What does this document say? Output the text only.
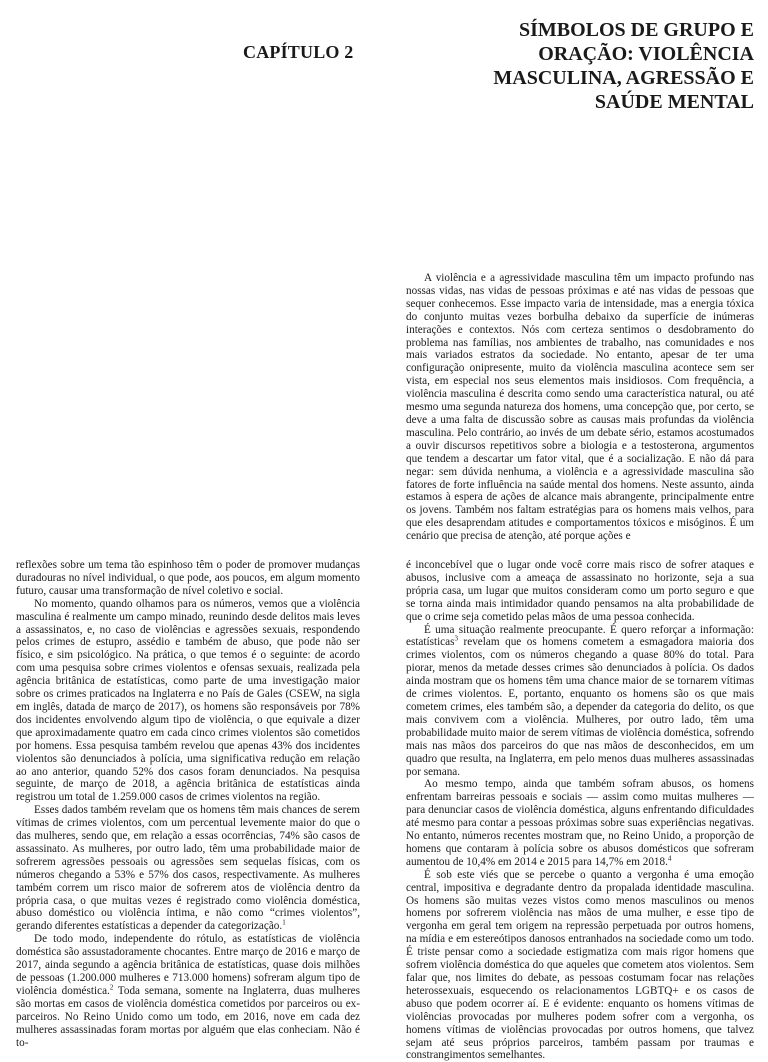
CAPÍTULO 2
SÍMBOLOS DE GRUPO E
ORAÇÃO: VIOLÊNCIA
MASCULINA, AGRESSÃO E
SAÚDE MENTAL

A violência e a agressividade masculina têm um impacto profundo nas nossas vidas, nas vidas de pessoas próximas e até nas vidas de pessoas que sequer conhecemos. Esse impacto varia de intensidade, mas a energia tóxica do conjunto muitas vezes borbulha debaixo da superfície de inúmeras interações e contextos. Nós com certeza sentimos o desdobramento do problema nas famílias, nos ambientes de trabalho, nas comunidades e nos mais variados estratos da sociedade. No entanto, apesar de ter uma configuração onipresente, muito da violência masculina acontece sem ser vista, em especial nos seus elementos mais insidiosos. Com frequência, a violência masculina é descrita como sendo uma característica natural, ou até mesmo uma segunda natureza dos homens, uma concepção que, por certo, se deve a uma falta de discussão sobre as causas mais profundas da violência masculina. Pelo contrário, ao invés de um debate sério, estamos acostumados a ouvir discursos repetitivos sobre a biologia e a testosterona, argumentos que tendem a descartar um fator vital, que é a socialização. E não dá para negar: sem dúvida nenhuma, a violência e a agressividade masculina são fatores de forte influência na saúde mental dos homens. Neste assunto, ainda estamos à espera de ações de alcance mais abrangente, principalmente entre os jovens. Também nos faltam estratégias para os homens mais velhos, para que eles desaprendam atitudes e comportamentos tóxicos e misóginos. É um cenário que precisa de atenção, até porque ações e

reflexões sobre um tema tão espinhoso têm o poder de promover mudanças duradouras no nível individual, o que pode, aos poucos, em algum momento futuro, causar uma transformação de nível coletivo e social.

No momento, quando olhamos para os números, vemos que a violência masculina é realmente um campo minado, reunindo desde delitos mais leves a assassinatos, e, no caso de violências e agressões sexuais, respondendo pelos crimes de estupro, assédio e também de abuso, que pode não ser físico, e sim psicológico. Na prática, o que temos é o seguinte: de acordo com uma pesquisa sobre crimes violentos e ofensas sexuais, realizada pela agência britânica de estatísticas, como parte de uma investigação maior sobre os crimes praticados na Inglaterra e no País de Gales (CSEW, na sigla em inglês, datada de março de 2017), os homens são responsáveis por 78% dos incidentes envolvendo algum tipo de violência, o que equivale a dizer que aproximadamente quatro em cada cinco crimes violentos são cometidos por homens. Essa pesquisa também revelou que apenas 43% dos incidentes violentos são denunciados à polícia, uma significativa redução em relação ao ano anterior, quando 52% dos casos foram denunciados. Na pesquisa seguinte, de março de 2018, a agência britânica de estatísticas ainda registrou um total de 1.259.000 casos de crimes violentos na região.

Esses dados também revelam que os homens têm mais chances de serem vítimas de crimes violentos, com um percentual levemente maior do que o das mulheres, sendo que, em relação a essas ocorrências, 74% são casos de assassinato. As mulheres, por outro lado, têm uma probabilidade maior de sofrerem agressões pessoais ou agressões sem sequelas físicas, com os números chegando a 53% e 57% dos casos, respectivamente. As mulheres também correm um risco maior de sofrerem atos de violência dentro da própria casa, o que muitas vezes é registrado como violência doméstica, abuso doméstico ou violência íntima, e não como “crimes violentos”, gerando diferentes estatísticas a depender da categorização.$^1$

De todo modo, independente do rótulo, as estatísticas de violência doméstica são assustadoramente chocantes. Entre março de 2016 e março de 2017, ainda segundo a agência britânica de estatísticas, quase dois milhões de pessoas (1.200.000 mulheres e 713.000 homens) sofreram algum tipo de violência doméstica.$^2$ Toda semana, somente na Inglaterra, duas mulheres são mortas em casos de violência doméstica cometidos por parceiros ou ex-parceiros. No Reino Unido como um todo, em 2016, nove em cada dez mulheres assassinadas foram mortas por alguém que elas conheciam. Não é to-

é inconcebível que o lugar onde você corre mais risco de sofrer ataques e abusos, inclusive com a ameaça de assassinato no horizonte, seja a sua própria casa, um lugar que muitos consideram como um porto seguro e que se torna ainda mais intimidador quando pensamos na alta probabilidade de que o crime seja cometido pelas mãos de uma pessoa conhecida.

É uma situação realmente preocupante. É quero reforçar a informação: estatísticas$^3$ revelam que os homens cometem a esmagadora maioria dos crimes violentos, com os números chegando a quase 80% do total. Para piorar, menos da metade desses crimes são denunciados à polícia. Os dados ainda mostram que os homens têm uma chance maior de se tornarem vítimas de crimes violentos. E, portanto, enquanto os homens são os que mais cometem crimes, eles também são, a depender da categoria do delito, os que mais convivem com a violência. Mulheres, por outro lado, têm uma probabilidade muito maior de serem vítimas de violência doméstica, sofrendo mais nas mãos dos parceiros do que nas mãos de desconhecidos, em um quadro que resulta, na Inglaterra, em pelo menos duas mulheres assassinadas por semana.

Ao mesmo tempo, ainda que também sofram abusos, os homens enfrentam barreiras pessoais e sociais — assim como muitas mulheres — para denunciar casos de violência doméstica, alguns enfrentando dificuldades até mesmo para contar a pessoas próximas sobre suas experiências negativas. No entanto, números recentes mostram que, no Reino Unido, a proporção de homens que contaram à polícia sobre os abusos domésticos que sofreram aumentou de 10,4% em 2014 e 2015 para 14,7% em 2018.$^4$

É sob este viés que se percebe o quanto a vergonha é uma emoção central, impositiva e degradante dentro da propalada identidade masculina. Os homens são muitas vezes vistos como menos masculinos ou menos homens por sofrerem violência nas mãos de uma mulher, e esse tipo de vergonha em geral tem origem na repressão perpetuada por outros homens, na mídia e em estereótipos danosos entranhados na sociedade como um todo. É triste pensar como a sociedade estigmatiza com mais rigor homens que sofrem violência doméstica do que aqueles que cometem atos violentos. Sem falar que, nos limites do debate, as pessoas costumam focar nas relações heterossexuais, esquecendo os relacionamentos LGBTQ+ e os casos de abuso que podem ocorrer aí. E é evidente: enquanto os homens vítimas de violências provocadas por mulheres podem sofrer com a vergonha, os homens vítimas de violências provocadas por outros homens, que talvez sejam até seus próprios parceiros, também passam por traumas e constrangimentos semelhantes.
